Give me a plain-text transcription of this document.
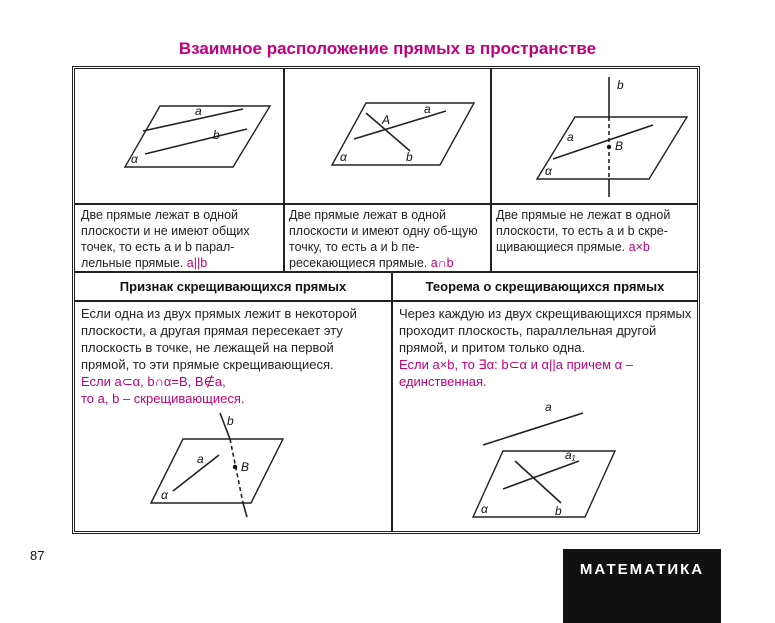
Взаимное расположение прямых в пространстве
a
b
α
A
a
b
α
b
a
B
α
Две прямые лежат в одной плоскости и не имеют общих точек, то есть a и b парал-лельные прямые. a||b
Две прямые лежат в одной плоскости и имеют одну об-щую точку, то есть a и b пе-ресекающиеся прямые. a∩b
Две прямые не лежат в одной плоскости, то есть a и b скре-щивающиеся прямые. a×b
Признак скрещивающихся прямых	Теорема о скрещивающихся прямых
Если одна из двух прямых лежит в некоторой плоскости, а другая прямая пересекает эту плоскость в точке, не лежащей на первой прямой, то эти прямые скрещивающиеся.
Если a⊂α, b∩α=B, B∉a,
то a, b – скрещивающиеся.
Через каждую из двух скрещивающихся прямых проходит плоскость, параллельная другой прямой, и притом только одна.
Если a×b, то ∃α: b⊂α и α||a причем α –
единственная.
b
a
B
α
a
a₁
b
α
87
МАТЕМАТИКА
